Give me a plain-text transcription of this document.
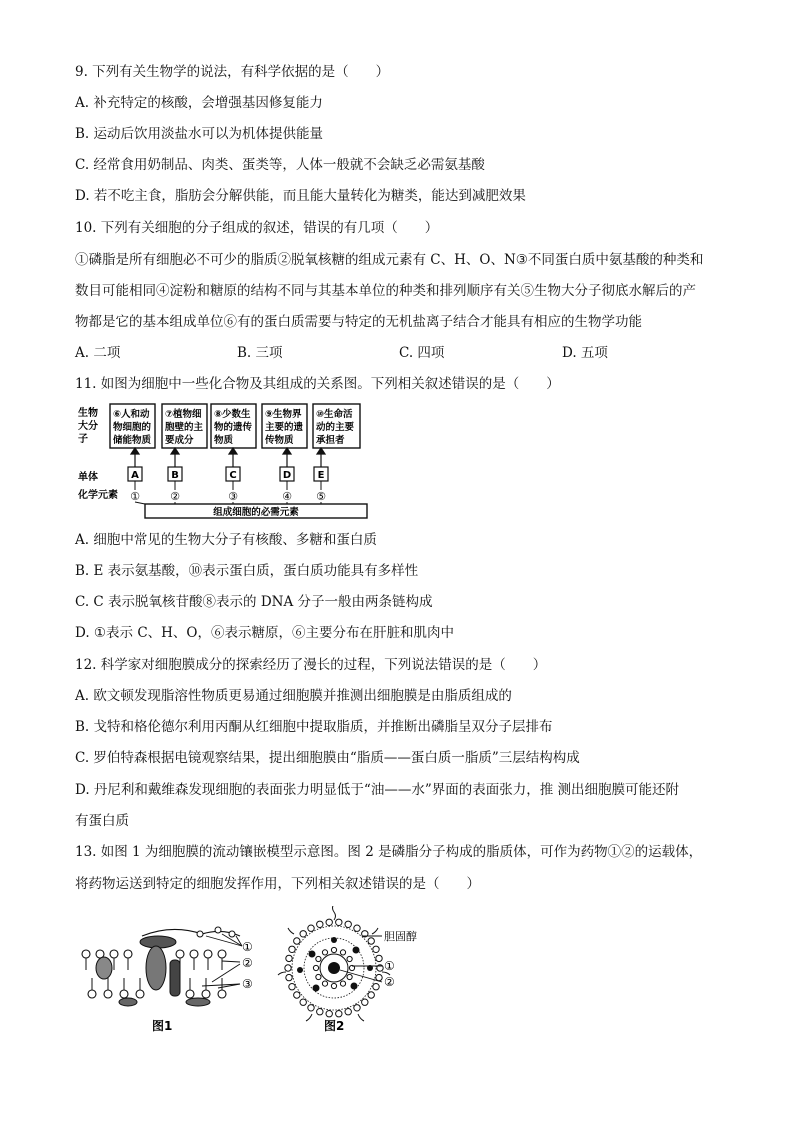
9. 下列有关生物学的说法，有科学依据的是（　　）
A. 补充特定的核酸，会增强基因修复能力
B. 运动后饮用淡盐水可以为机体提供能量
C. 经常食用奶制品、肉类、蛋类等，人体一般就不会缺乏必需氨基酸
D. 若不吃主食，脂肪会分解供能，而且能大量转化为糖类，能达到减肥效果
10. 下列有关细胞的分子组成的叙述，错误的有几项（　　）
①磷脂是所有细胞必不可少的脂质②脱氧核糖的组成元素有 C、H、O、N③不同蛋白质中氨基酸的种类和
数目可能相同④淀粉和糖原的结构不同与其基本单位的种类和排列顺序有关⑤生物大分子彻底水解后的产
物都是它的基本组成单位⑥有的蛋白质需要与特定的无机盐离子结合才能具有相应的生物学功能
A. 二项	B. 三项	C. 四项	D. 五项
11. 如图为细胞中一些化合物及其组成的关系图。下列相关叙述错误的是（　　）
生物
大分
子
单体
化学元素
⑥人和动
物细胞的
储能物质
⑦植物细
胞壁的主
要成分
⑧少数生
物的遗传
物质
⑨生物界
主要的遗
传物质
⑩生命活
动的主要
承担者
A	B	C	D	E
①	②	③	④ ⑤
组成细胞的必需元素
A. 细胞中常见的生物大分子有核酸、多糖和蛋白质
B. E 表示氨基酸，⑩表示蛋白质，蛋白质功能具有多样性
C. C 表示脱氧核苷酸⑧表示的 DNA 分子一般由两条链构成
D. ①表示 C、H、O，⑥表示糖原，⑥主要分布在肝脏和肌肉中
12. 科学家对细胞膜成分的探索经历了漫长的过程，下列说法错误的是（　　）
A. 欧文顿发现脂溶性物质更易通过细胞膜并推测出细胞膜是由脂质组成的
B. 戈特和格伦德尔利用丙酮从红细胞中提取脂质，并推断出磷脂呈双分子层排布
C. 罗伯特森根据电镜观察结果，提出细胞膜由“脂质——蛋白质一脂质”三层结构构成
D. 丹尼利和戴维森发现细胞的表面张力明显低于“油——水”界面的表面张力，推 测出细胞膜可能还附
有蛋白质
13. 如图 1 为细胞膜的流动镶嵌模型示意图。图 2 是磷脂分子构成的脂质体，可作为药物①②的运载体，
将药物运送到特定的细胞发挥作用，下列相关叙述错误的是（　　）
①
②
③
图1
胆固醇
①
②
图2
